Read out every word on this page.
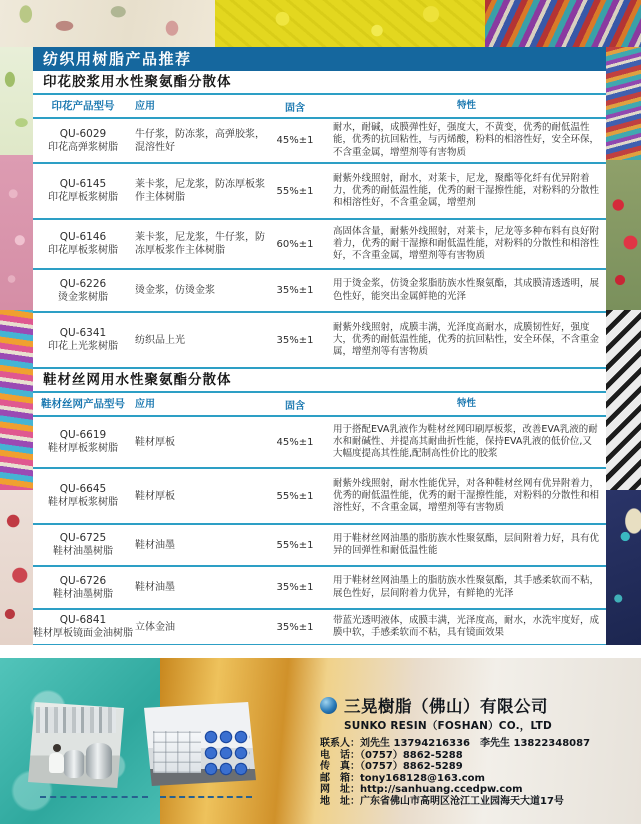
纺织用树脂产品推荐
印花胶浆用水性聚氨酯分散体
印花产品型号	应用	固含	特性
QU-6029
印花高弹浆树脂
牛仔浆，防冻浆，高弹胶浆，混溶性好
45%±1
耐水，耐碱，成膜弹性好，强度大，不黄变，优秀的耐低温性能，优秀的抗回粘性，与丙烯酸，粉料的相溶性好，安全环保，不含重金属，增塑剂等有害物质
QU-6145
印花厚板浆树脂
莱卡浆，尼龙浆，防冻厚板浆作主体树脂
55%±1
耐紫外线照射，耐水，对莱卡，尼龙，聚酯等化纤有优异附着力，优秀的耐低温性能，优秀的耐干湿擦性能，对粉料的分散性和相溶性好，不含重金属，增塑剂
QU-6146
印花厚板浆树脂
莱卡浆，尼龙浆，牛仔浆，防冻厚板浆作主体树脂
60%±1
高固体含量，耐紫外线照射，对莱卡，尼龙等多种布料有良好附着力，优秀的耐干湿擦和耐低温性能，对粉料的分散性和相溶性好，不含重金属，增塑剂等有害物质
QU-6226
烫金浆树脂
烫金浆，仿烫金浆	35%±1
用于烫金浆，仿烫金浆脂肪族水性聚氨酯，其成膜清透透明，展色性好，能突出金属鲜艳的光泽
QU-6341
印花上光浆树脂
纺织品上光	35%±1
耐紫外线照射，成膜丰满，光泽度高耐水，成膜韧性好，强度大，优秀的耐低温性能，优秀的抗回粘性，安全环保，不含重金属，增塑剂等有害物质
鞋材丝网用水性聚氨酯分散体
鞋材丝网产品型号	应用	固含	特性
QU-6619
鞋材厚板浆树脂
鞋材厚板	45%±1
用于搭配EVA乳液作为鞋材丝网印刷厚板浆，改善EVA乳液的耐水和耐碱性、并提高其耐曲折性能，保持EVA乳液的低价位,又大幅度提高其性能,配制高性价比的胶浆
QU-6645
鞋材厚板浆树脂
鞋材厚板	55%±1
耐紫外线照射，耐水性能优异，对各种鞋材丝网有优异附着力，优秀的耐低温性能，优秀的耐干湿擦性能，对粉料的分散性和相溶性好，不含重金属，增塑剂等有害物质
QU-6725
鞋材油墨树脂
鞋材油墨	55%±1
用于鞋材丝网油墨的脂肪族水性聚氨酯，层间附着力好，具有优异的回弹性和耐低温性能
QU-6726
鞋材油墨树脂
鞋材油墨	35%±1
用于鞋材丝网油墨上的脂肪族水性聚氨酯，其手感柔软而不粘，展色性好，层间附着力优异，有鲜艳的光泽
QU-6841
鞋材厚板镜面金油树脂
立体金油	35%±1
带蓝光透明液体，成膜丰满，光泽度高，耐水，水洗牢度好，成膜中软，手感柔软而不粘，具有镜面效果
三晃樹脂（佛山）有限公司
SUNKO RESIN（FOSHAN）CO.，LTD
联系人：刘先生 13794216336　李先生 13822348087
电　话：（0757）8862-5288
传　真：（0757）8862-5289
邮　箱：tony168128@163.com
网　址：http://sanhuang.ccedpw.com
地　址：广东省佛山市高明区沧江工业园海天大道17号
